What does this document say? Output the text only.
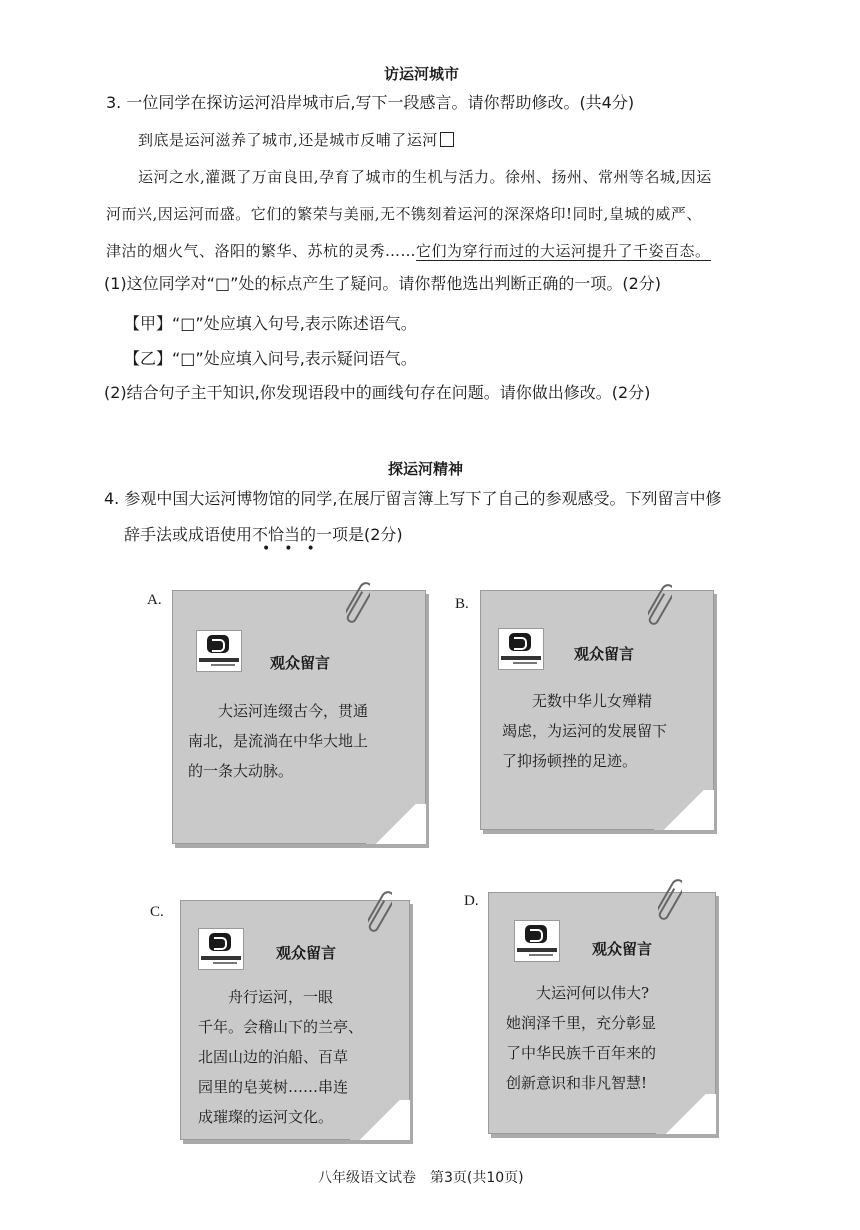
访运河城市
3. 一位同学在探访运河沿岸城市后,写下一段感言。请你帮助修改。(共4分)
到底是运河滋养了城市,还是城市反哺了运河
运河之水,灌溉了万亩良田,孕育了城市的生机与活力。徐州、扬州、常州等名城,因运
河而兴,因运河而盛。它们的繁荣与美丽,无不镌刻着运河的深深烙印!同时,皇城的威严、
津沽的烟火气、洛阳的繁华、苏杭的灵秀……它们为穿行而过的大运河提升了千姿百态。
(1)这位同学对“□”处的标点产生了疑问。请你帮他选出判断正确的一项。(2分)
【甲】“□”处应填入句号,表示陈述语气。
【乙】“□”处应填入问号,表示疑问语气。
(2)结合句子主干知识,你发现语段中的画线句存在问题。请你做出修改。(2分)
探运河精神
4. 参观中国大运河博物馆的同学,在展厅留言簿上写下了自己的参观感受。下列留言中修
辞手法或成语使用不恰当的一项是(2分)
•••
A.
观众留言
　　大运河连缀古今，贯通
南北，是流淌在中华大地上
的一条大动脉。
B.
观众留言
　　无数中华儿女殚精
竭虑，为运河的发展留下
了抑扬顿挫的足迹。
C.
观众留言
　　舟行运河，一眼
千年。会稽山下的兰亭、
北固山边的泊船、百草
园里的皂荚树……串连
成璀璨的运河文化。
D.
观众留言
　　大运河何以伟大?
她润泽千里，充分彰显
了中华民族千百年来的
创新意识和非凡智慧!
八年级语文试卷　第3页(共10页)
